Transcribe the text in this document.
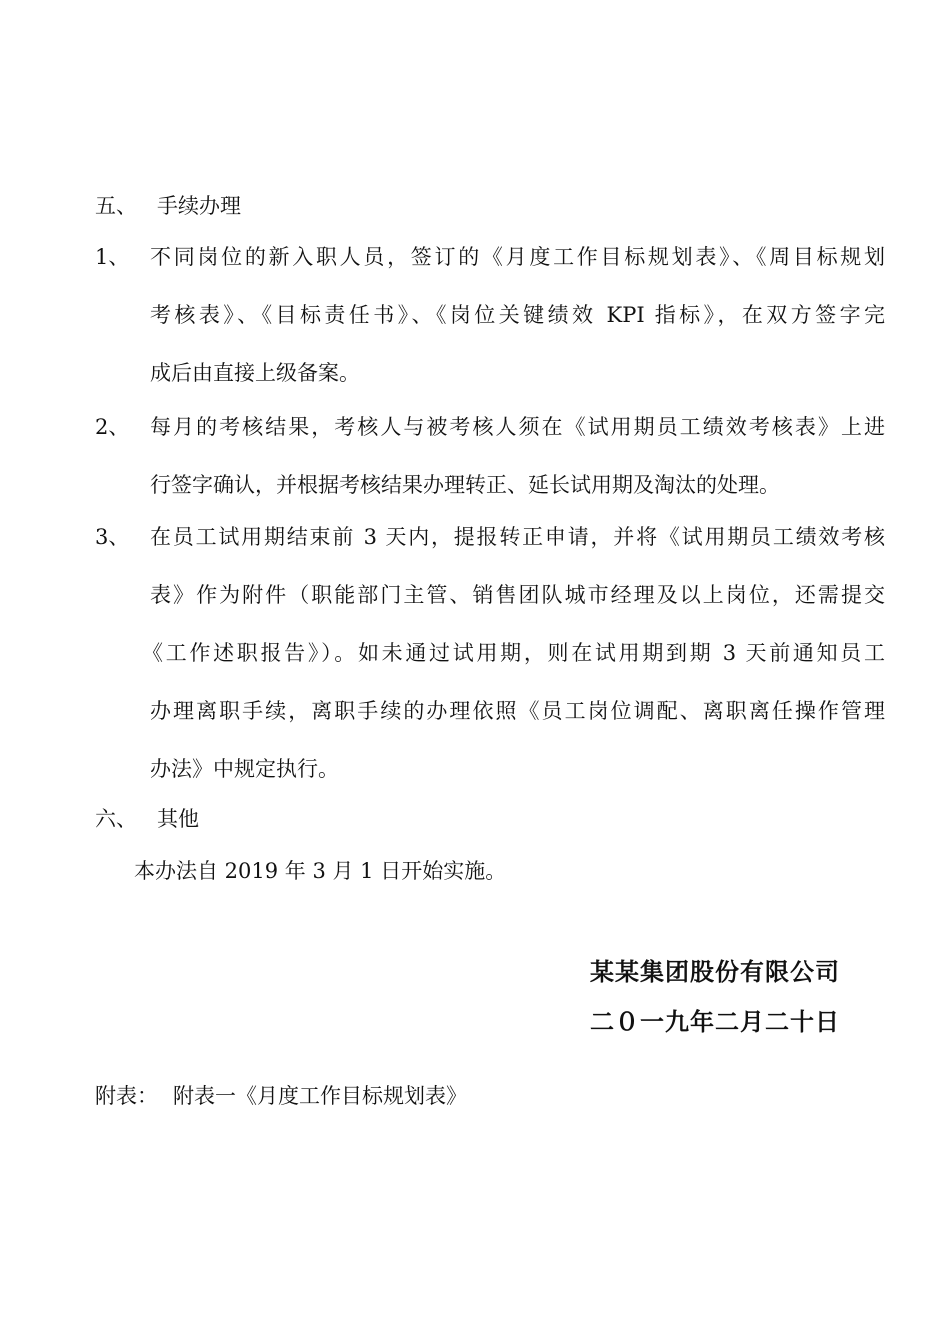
五、 手续办理
1、 不同岗位的新入职人员，签订的《月度工作目标规划表》、《周目标规划
考核表》、《目标责任书》、《岗位关键绩效 KPI 指标》，在双方签字完
成后由直接上级备案。
2、 每月的考核结果，考核人与被考核人须在《试用期员工绩效考核表》上进
行签字确认，并根据考核结果办理转正、延长试用期及淘汰的处理。
3、 在员工试用期结束前 3 天内，提报转正申请，并将《试用期员工绩效考核
表》作为附件（职能部门主管、销售团队城市经理及以上岗位，还需提交
《工作述职报告》）。如未通过试用期，则在试用期到期 3 天前通知员工
办理离职手续，离职手续的办理依照《员工岗位调配、离职离任操作管理
办法》中规定执行。
六、 其他
本办法自 2019 年 3 月 1 日开始实施。
某某集团股份有限公司
二０一九年二月二十日
附表： 附表一《月度工作目标规划表》
